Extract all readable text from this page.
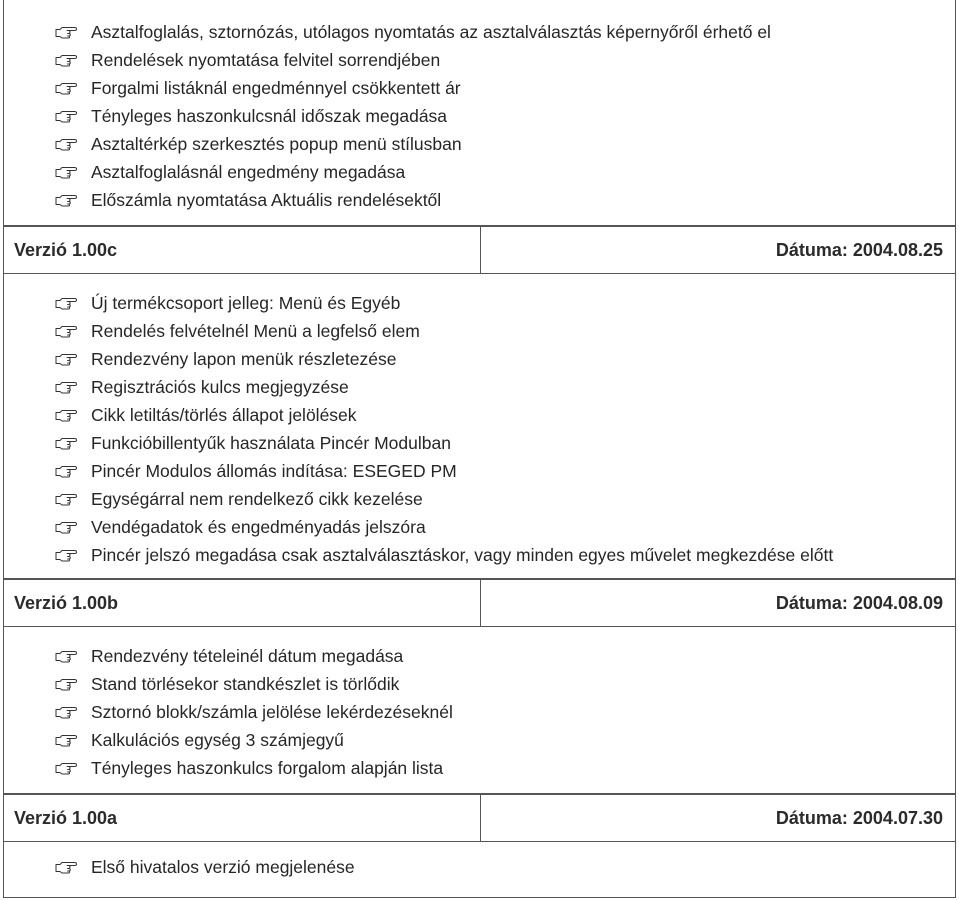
Asztalfoglalás, sztornózás, utólagos nyomtatás az asztalválasztás képernyőről érhető el
Rendelések nyomtatása felvitel sorrendjében
Forgalmi listáknál engedménnyel csökkentett ár
Tényleges haszonkulcsnál időszak megadása
Asztaltérkép szerkesztés popup menü stílusban
Asztalfoglalásnál engedmény megadása
Előszámla nyomtatása Aktuális rendelésektől
Verzió 1.00c	Dátuma: 2004.08.25
Új termékcsoport jelleg: Menü és Egyéb
Rendelés felvételnél Menü a legfelső elem
Rendezvény lapon menük részletezése
Regisztrációs kulcs megjegyzése
Cikk letiltás/törlés állapot jelölések
Funkcióbillentyűk használata Pincér Modulban
Pincér Modulos állomás indítása: ESEGED PM
Egységárral nem rendelkező cikk kezelése
Vendégadatok és engedményadás jelszóra
Pincér jelszó megadása csak asztalválasztáskor, vagy minden egyes művelet megkezdése előtt
Verzió 1.00b	Dátuma: 2004.08.09
Rendezvény tételeinél dátum megadása
Stand törlésekor standkészlet is törlődik
Sztornó blokk/számla jelölése lekérdezéseknél
Kalkulációs egység 3 számjegyű
Tényleges haszonkulcs forgalom alapján lista
Verzió 1.00a	Dátuma: 2004.07.30
Első hivatalos verzió megjelenése
